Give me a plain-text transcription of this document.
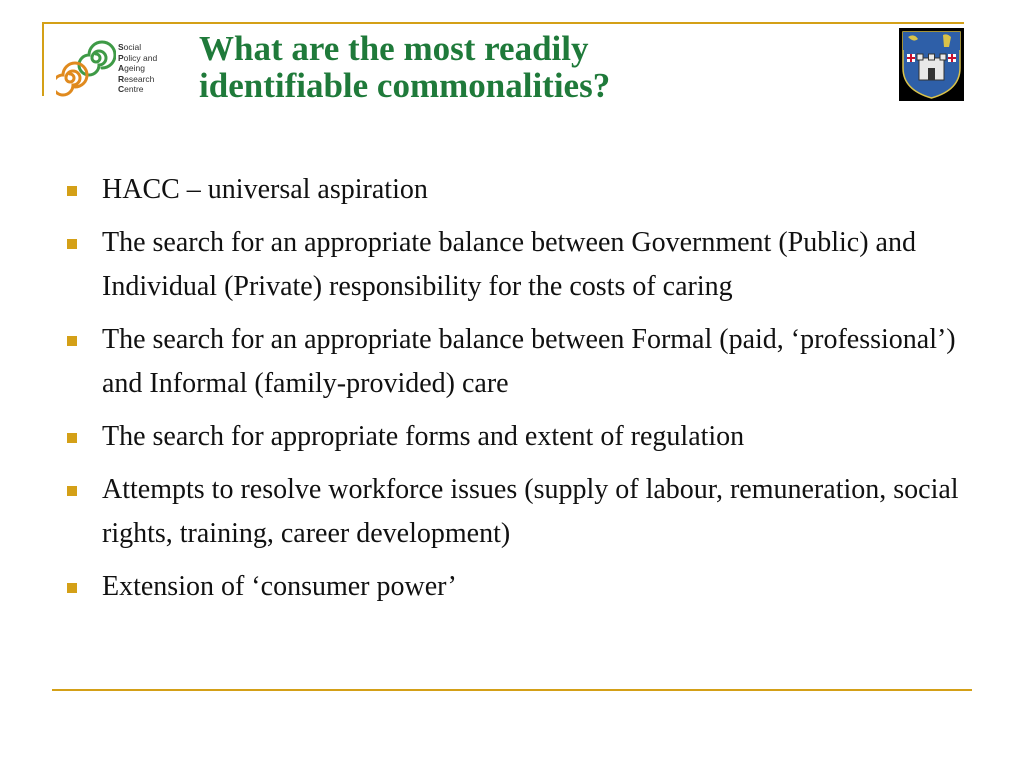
Social
Policy and
Ageing
Research
Centre
What are the most readily
identifiable commonalities?
HACC – universal aspiration
The search for an appropriate balance between Government (Public) and Individual (Private) responsibility for the costs of caring
The search for an appropriate balance between Formal (paid, ‘professional’) and Informal (family-provided) care
The search for appropriate forms and extent of regulation
Attempts to resolve workforce issues (supply of labour, remuneration, social rights, training, career development)
Extension of ‘consumer power’
